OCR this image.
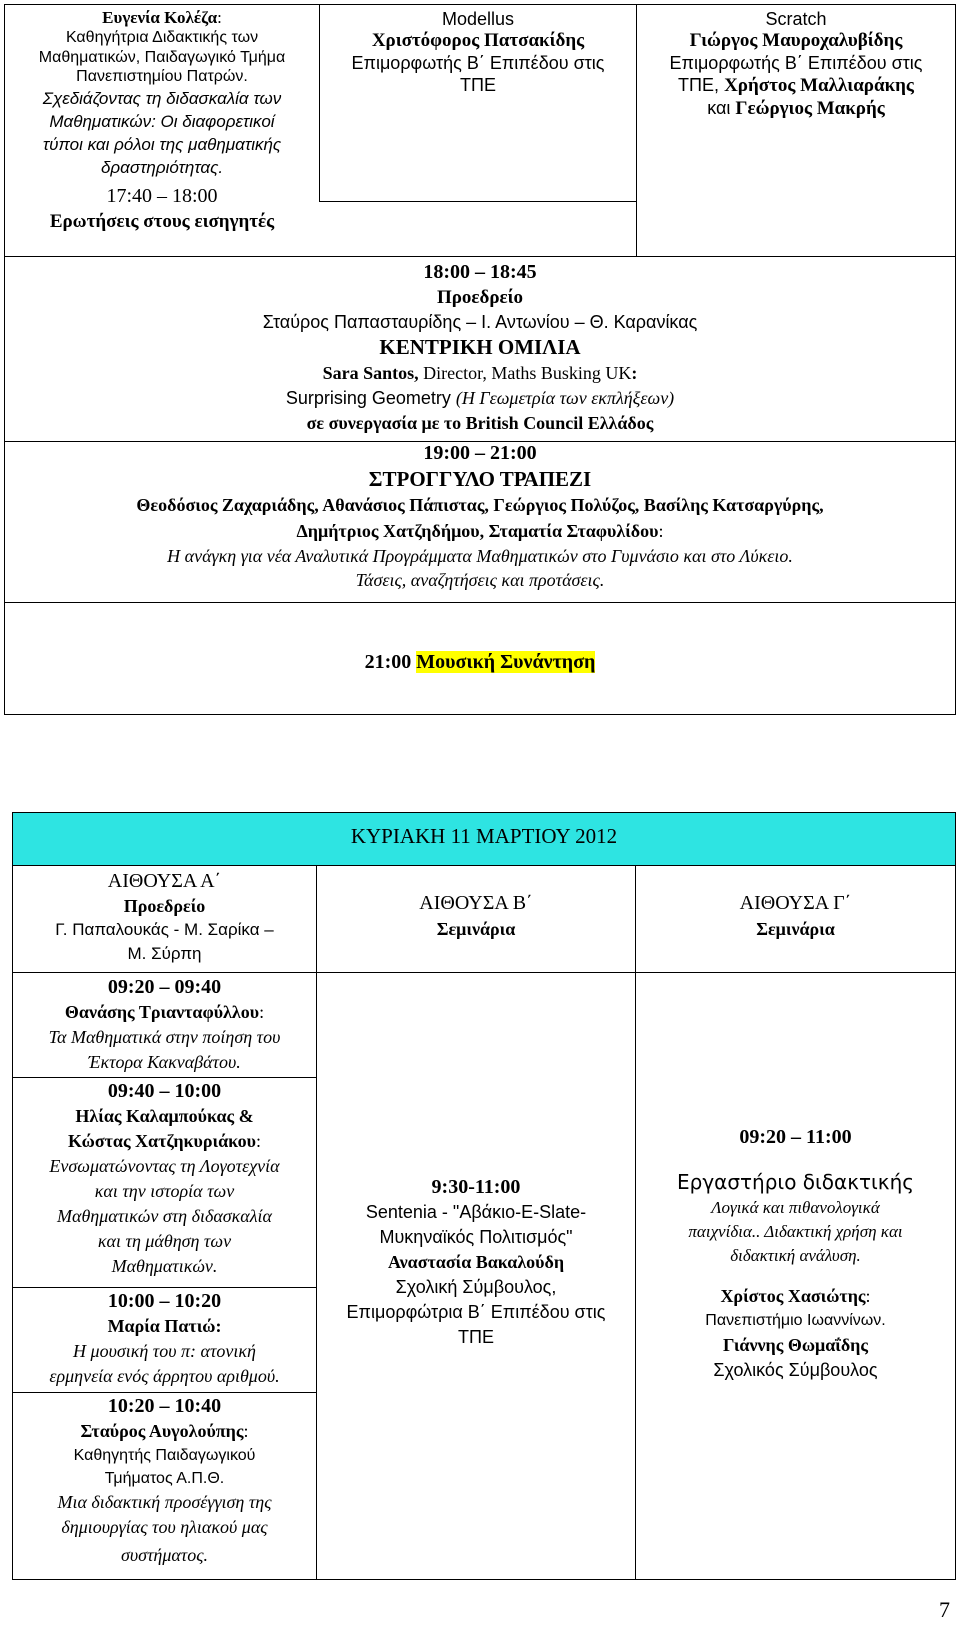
Ευγενία Κολέζα:
Καθηγήτρια Διδακτικής των
Μαθηματικών, Παιδαγωγικό Τμήμα
Πανεπιστημίου Πατρών.
Σχεδιάζοντας τη διδασκαλία των
Μαθηματικών: Οι διαφορετικοί
τύποι και ρόλοι της μαθηματικής
δραστηριότητας.
17:40 – 18:00
Ερωτήσεις στους εισηγητές
Modellus
Χριστόφορος Πατσακίδης
Επιμορφωτής Β΄ Επιπέδου στις
ΤΠΕ
Scratch
Γιώργος Μαυροχαλυβίδης
Επιμορφωτής Β΄ Επιπέδου στις
ΤΠΕ, Χρήστος Μαλλιαράκης
και Γεώργιος Μακρής
18:00 – 18:45
Προεδρείο
Σταύρος Παπασταυρίδης – Ι. Αντωνίου – Θ. Καρανίκας
ΚΕΝΤΡΙΚΗ ΟΜΙΛΙΑ
Sara Santos, Director, Maths Busking UK:
Surprising Geometry (Η Γεωμετρία των εκπλήξεων)
σε συνεργασία με το British Council Ελλάδος
19:00 – 21:00
ΣΤΡΟΓΓΥΛΟ ΤΡΑΠΕΖΙ
Θεοδόσιος Ζαχαριάδης, Αθανάσιος Πάπιστας, Γεώργιος Πολύζος, Βασίλης Κατσαργύρης,
Δημήτριος Χατζηδήμου, Σταματία Σταφυλίδου:
Η ανάγκη για νέα Αναλυτικά Προγράμματα Μαθηματικών στο Γυμνάσιο και στο Λύκειο.
Τάσεις, αναζητήσεις και προτάσεις.
21:00 Μουσική Συνάντηση
ΚΥΡΙΑΚΗ 11 ΜΑΡΤΙΟΥ 2012
ΑΙΘΟΥΣΑ Α΄
Προεδρείο
Γ. Παπαλουκάς - Μ. Σαρίκα –
Μ. Σύρπη
09:20 – 09:40
Θανάσης Τριανταφύλλου:
Τα Μαθηματικά στην ποίηση του
Έκτορα Κακναβάτου.
09:40 – 10:00
Ηλίας Καλαμπούκας &
Κώστας Χατζηκυριάκου:
Ενσωματώνοντας τη Λογοτεχνία
και την ιστορία των
Μαθηματικών στη διδασκαλία
και τη μάθηση των
Μαθηματικών.
10:00 – 10:20
Μαρία Πατιώ:
Η μουσική του π: ατονική
ερμηνεία ενός άρρητου αριθμού.
10:20 – 10:40
Σταύρος Αυγολούπης:
Καθηγητής Παιδαγωγικού
Τμήματος Α.Π.Θ.
Μια διδακτική προσέγγιση της
δημιουργίας του ηλιακού μας
συστήματος.
ΑΙΘΟΥΣΑ Β΄
Σεμινάρια
9:30-11:00
Sentenia - "Αβάκιο-E-Slate-
Μυκηναϊκός Πολιτισμός"
Αναστασία Βακαλούδη
Σχολική Σύμβουλος,
Επιμορφώτρια Β΄ Επιπέδου στις
ΤΠΕ
ΑΙΘΟΥΣΑ Γ΄
Σεμινάρια
09:20 – 11:00
Εργαστήριο διδακτικής
Λογικά και πιθανολογικά
παιχνίδια.. Διδακτική χρήση και
διδακτική ανάλυση.
Χρίστος Χασιώτης:
Πανεπιστήμιο Ιωαννίνων.
Γιάννης Θωμαΐδης
Σχολικός Σύμβουλος
7
